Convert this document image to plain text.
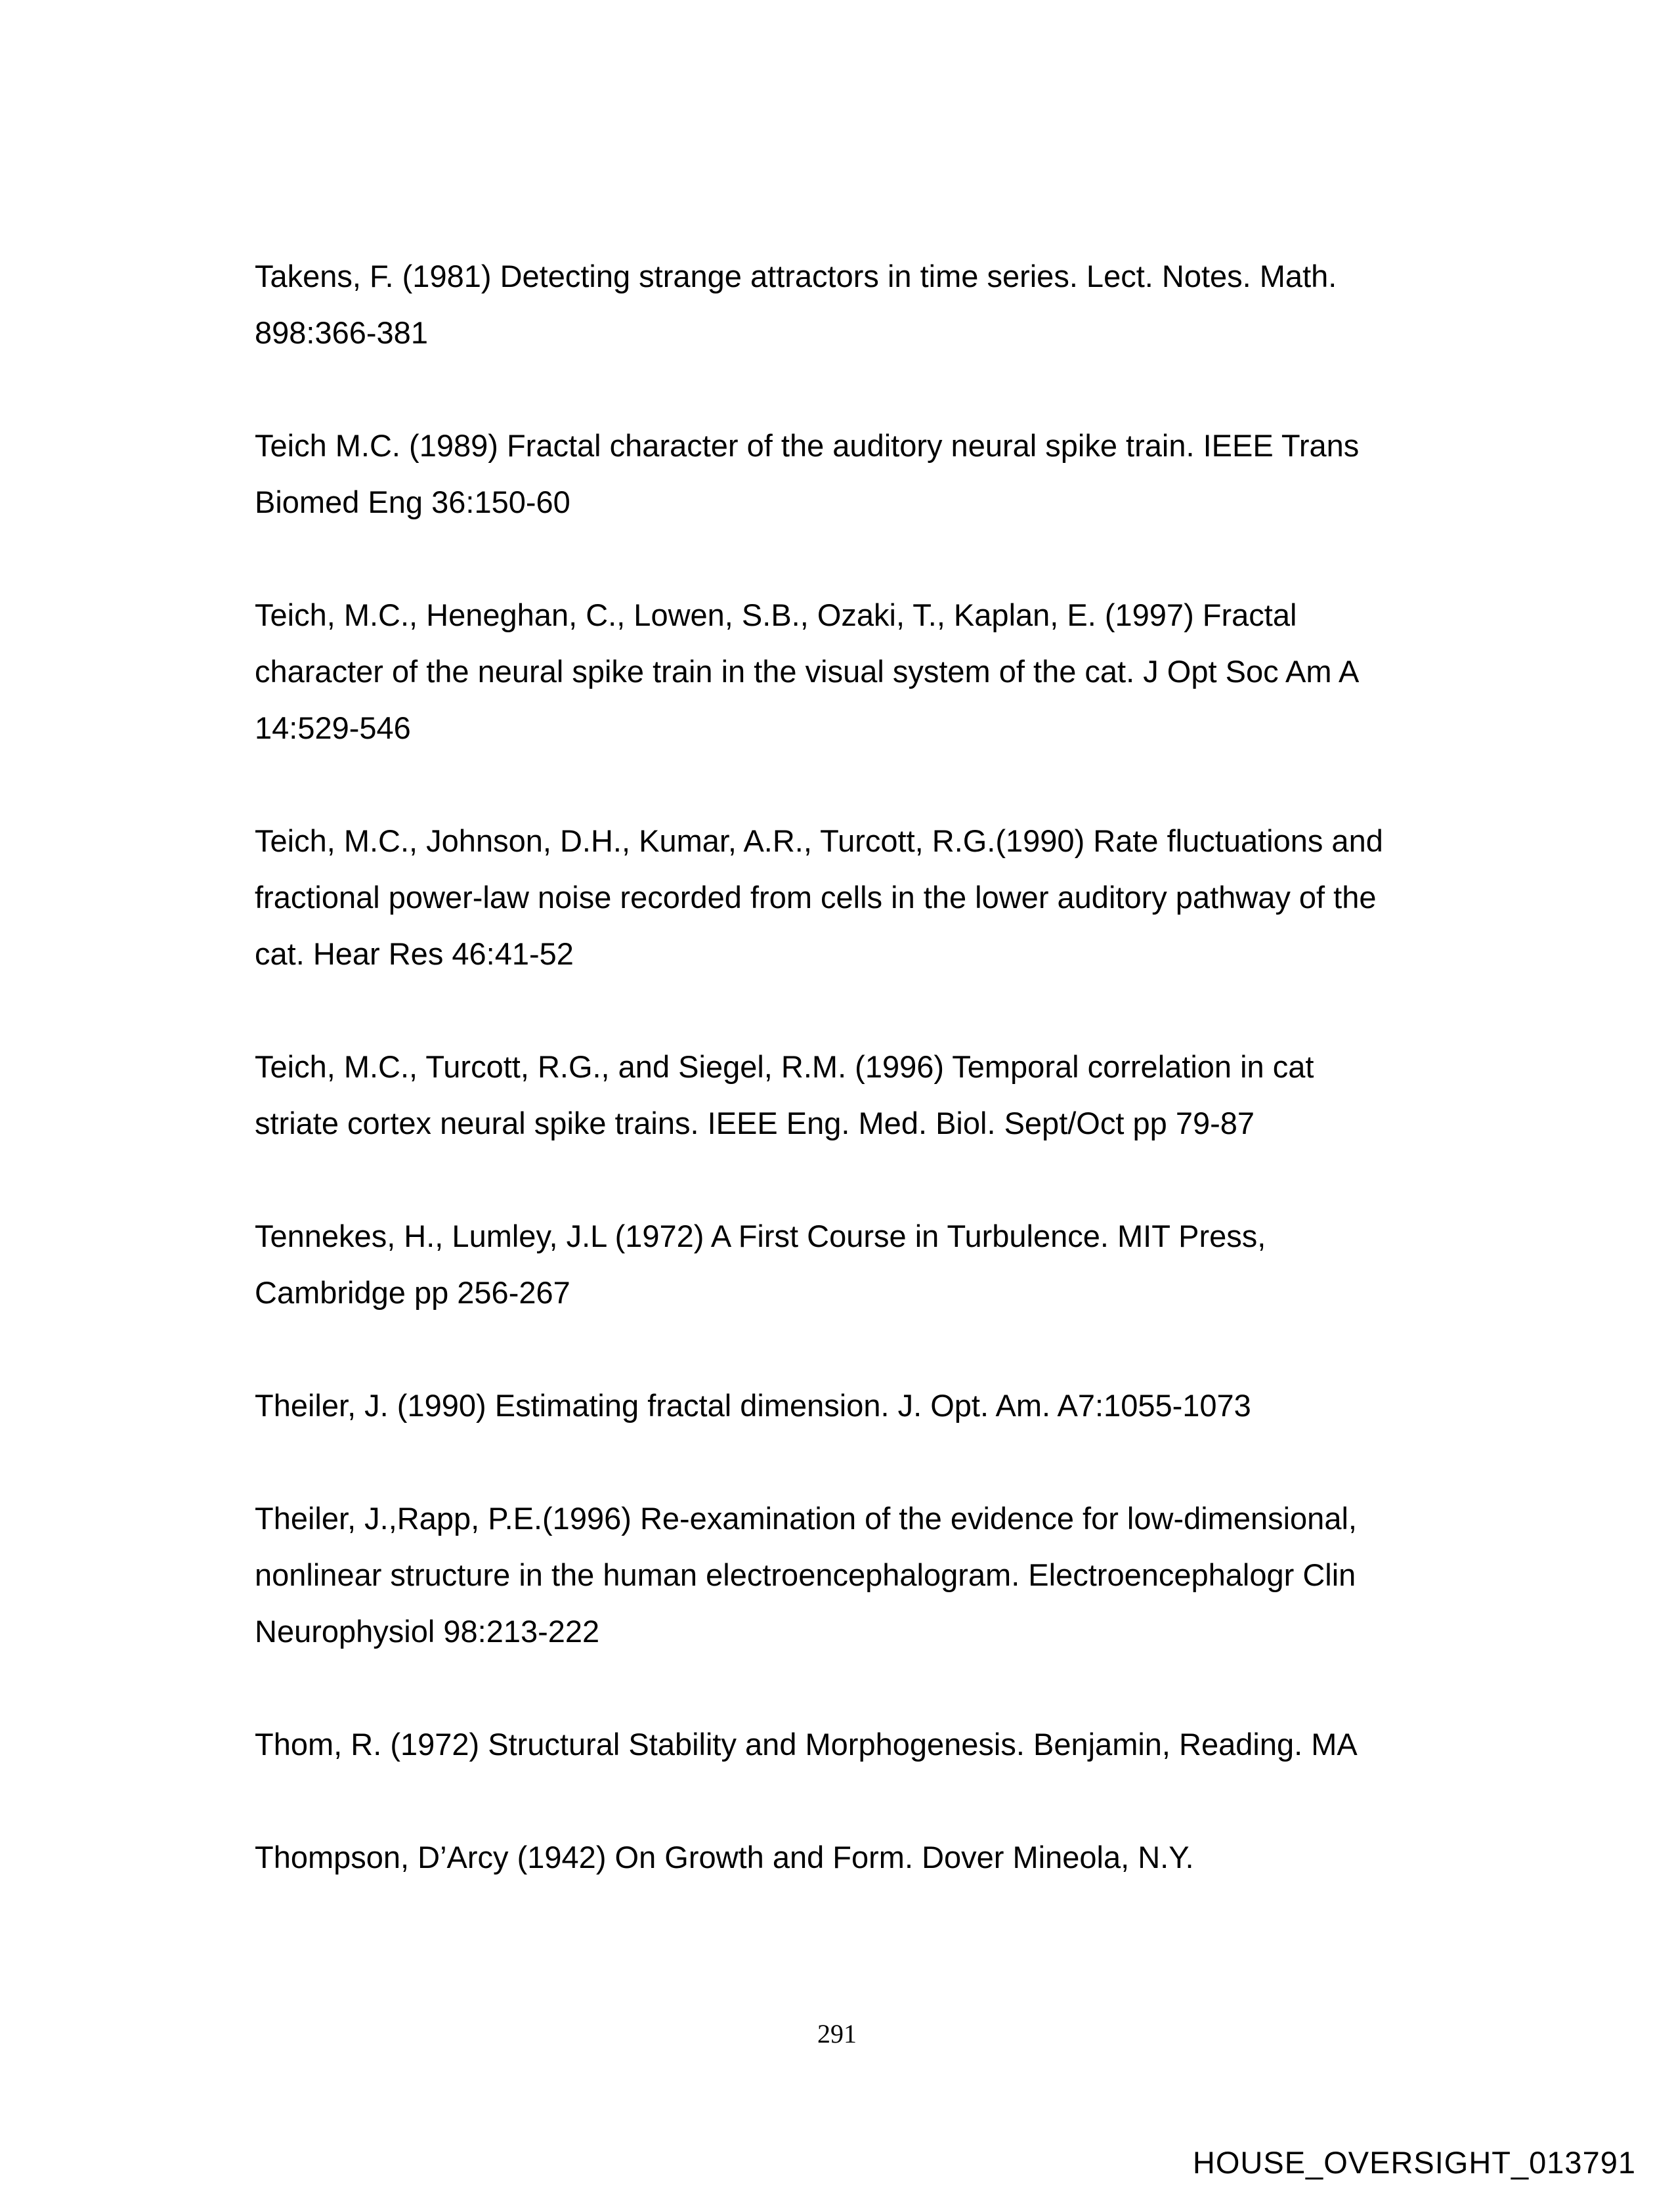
Takens, F. (1981) Detecting strange attractors in time series. Lect. Notes. Math.
898:366-381
Teich M.C. (1989) Fractal character of the auditory neural spike train. IEEE Trans
Biomed Eng 36:150-60
Teich, M.C., Heneghan, C., Lowen, S.B., Ozaki, T., Kaplan, E. (1997) Fractal
character of the neural spike train in the visual system of the cat. J Opt Soc Am A
14:529-546
Teich, M.C., Johnson, D.H., Kumar, A.R., Turcott, R.G.(1990) Rate fluctuations and
fractional power-law noise recorded from cells in the lower auditory pathway of the
cat. Hear Res 46:41-52
Teich, M.C., Turcott, R.G., and Siegel, R.M. (1996) Temporal correlation in cat
striate cortex neural spike trains. IEEE Eng. Med. Biol. Sept/Oct pp 79-87
Tennekes, H., Lumley, J.L (1972) A First Course in Turbulence. MIT Press,
Cambridge pp 256-267
Theiler, J. (1990) Estimating fractal dimension. J. Opt. Am. A7:1055-1073
Theiler, J.,Rapp, P.E.(1996) Re-examination of the evidence for low-dimensional,
nonlinear structure in the human electroencephalogram. Electroencephalogr Clin
Neurophysiol 98:213-222
Thom, R. (1972) Structural Stability and Morphogenesis. Benjamin, Reading. MA
Thompson, D’Arcy (1942) On Growth and Form. Dover Mineola, N.Y.
291
HOUSE_OVERSIGHT_013791
